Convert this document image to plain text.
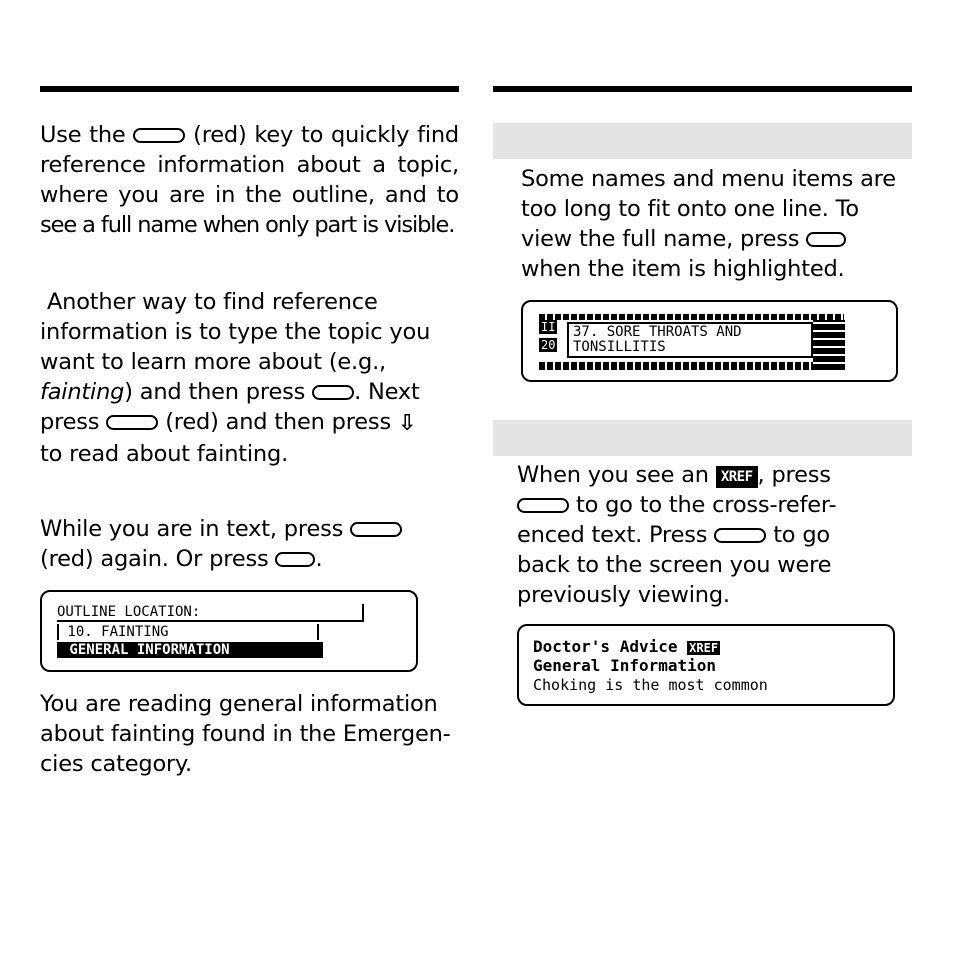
Use the	(red) key to quickly find
reference information about a topic,
where you are in the outline, and to
see a full name when only part is visible.
Another way to find reference
information is to type the topic you
want to learn more about (e.g.,
fainting) and then press . Next
press	(red) and then press ⇩
to read about fainting.
While you are in text, press
(red) again. Or press .
OUTLINE LOCATION:
10. FAINTING
GENERAL INFORMATION
You are reading general information
about fainting found in the Emergen-
cies category.
Some names and menu items are
too long to fit onto one line. To
view the full name, press
when the item is highlighted.
II
20
37. SORE THROATS AND
TONSILLITIS
When you see an XREF , press
to go to the cross-refer-
enced text. Press	to go
back to the screen you were
previously viewing.
Doctor's Advice XREF
General Information
Choking is the most common
